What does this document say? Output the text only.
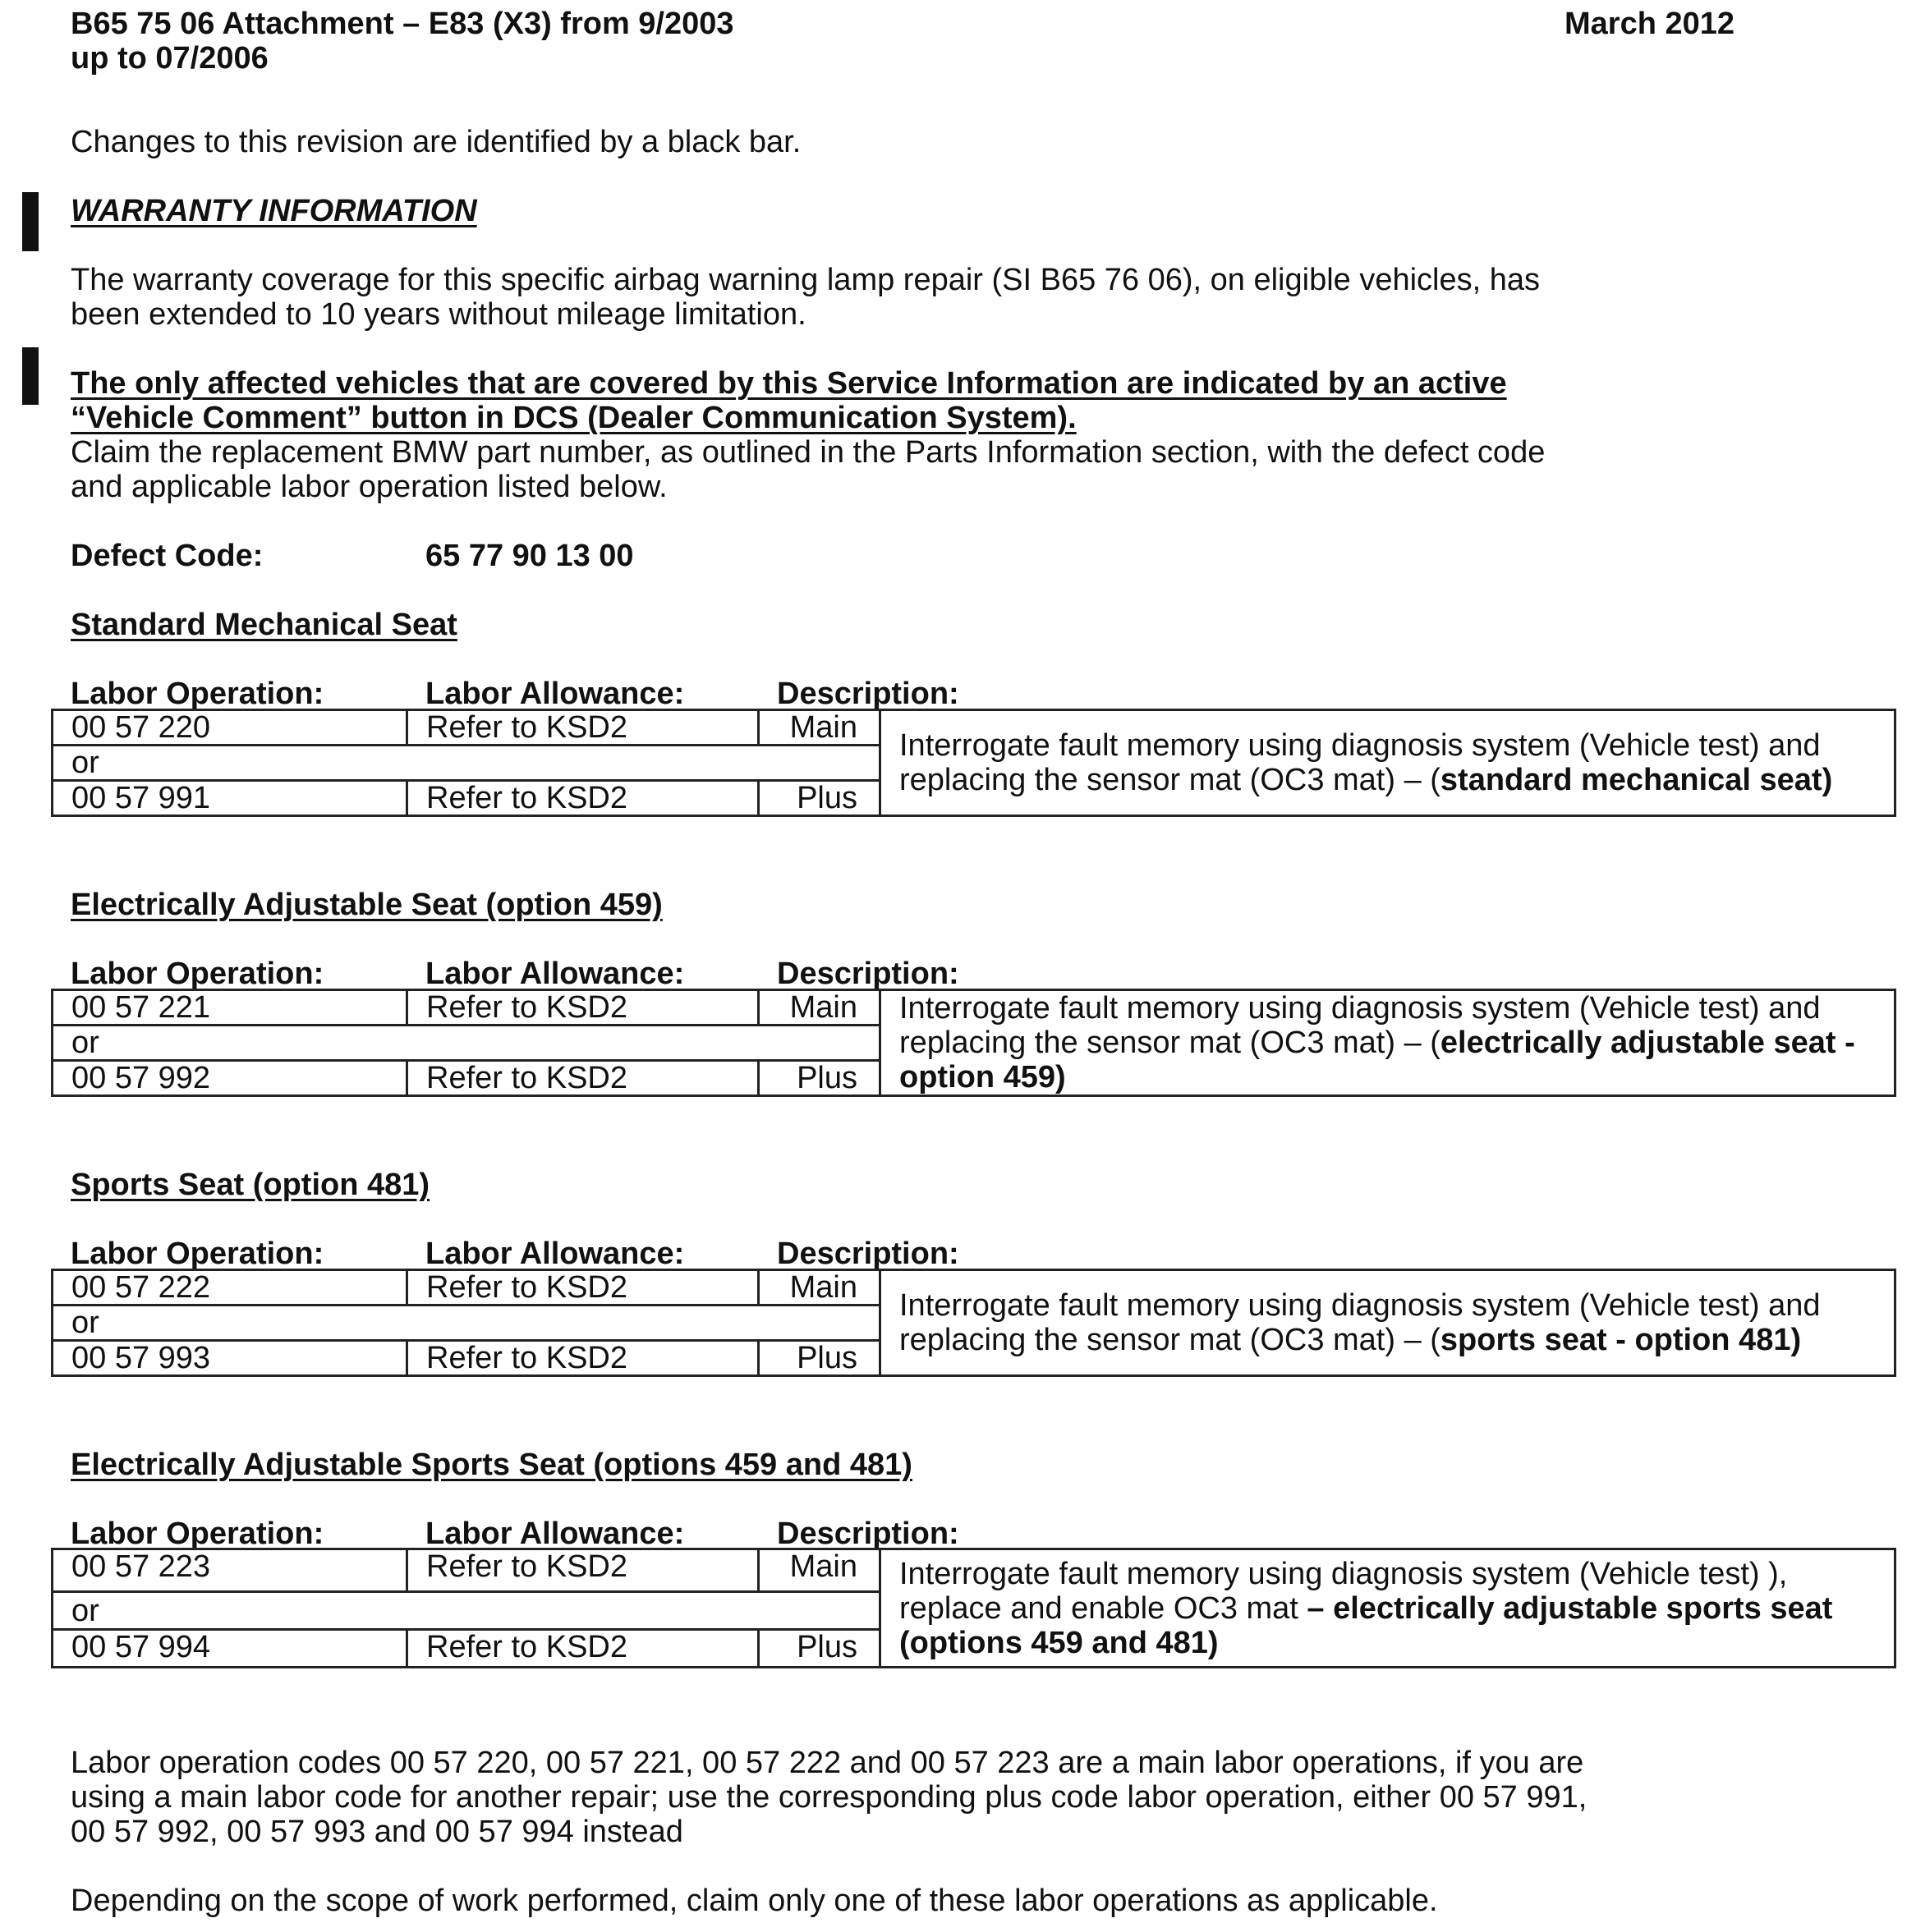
B65 75 06 Attachment – E83 (X3) from 9/2003
up to 07/2006
March 2012
Changes to this revision are identified by a black bar.
WARRANTY INFORMATION
The warranty coverage for this specific airbag warning lamp repair (SI B65 76 06), on eligible vehicles, has
been extended to 10 years without mileage limitation.
The only affected vehicles that are covered by this Service Information are indicated by an active
“Vehicle Comment” button in DCS (Dealer Communication System).
Claim the replacement BMW part number, as outlined in the Parts Information section, with the defect code
and applicable labor operation listed below.
Defect Code:	65 77 90 13 00
Standard Mechanical Seat
Labor Operation:	Labor Allowance:	Description:
00 57 220	Refer to KSD2	Main	Interrogate fault memory using diagnosis system (Vehicle test) and replacing the sensor mat (OC3 mat) – (standard mechanical seat)
or			
00 57 991	Refer to KSD2	Plus	
Electrically Adjustable Seat (option 459)
Labor Operation:	Labor Allowance:	Description:
00 57 221	Refer to KSD2	Main	Interrogate fault memory using diagnosis system (Vehicle test) and replacing the sensor mat (OC3 mat) – (electrically adjustable seat - option 459)
or			
00 57 992	Refer to KSD2	Plus	
Sports Seat (option 481)
Labor Operation:	Labor Allowance:	Description:
00 57 222	Refer to KSD2	Main	Interrogate fault memory using diagnosis system (Vehicle test) and replacing the sensor mat (OC3 mat) – (sports seat - option 481)
or			
00 57 993	Refer to KSD2	Plus	
Electrically Adjustable Sports Seat (options 459 and 481)
Labor Operation:	Labor Allowance:	Description:
00 57 223	Refer to KSD2	Main	Interrogate fault memory using diagnosis system (Vehicle test) ), replace and enable OC3 mat – electrically adjustable sports seat (options 459 and 481)
or			
00 57 994	Refer to KSD2	Plus	
Labor operation codes 00 57 220, 00 57 221, 00 57 222 and 00 57 223 are a main labor operations, if you are
using a main labor code for another repair; use the corresponding plus code labor operation, either 00 57 991,
00 57 992, 00 57 993 and 00 57 994 instead
Depending on the scope of work performed, claim only one of these labor operations as applicable.
